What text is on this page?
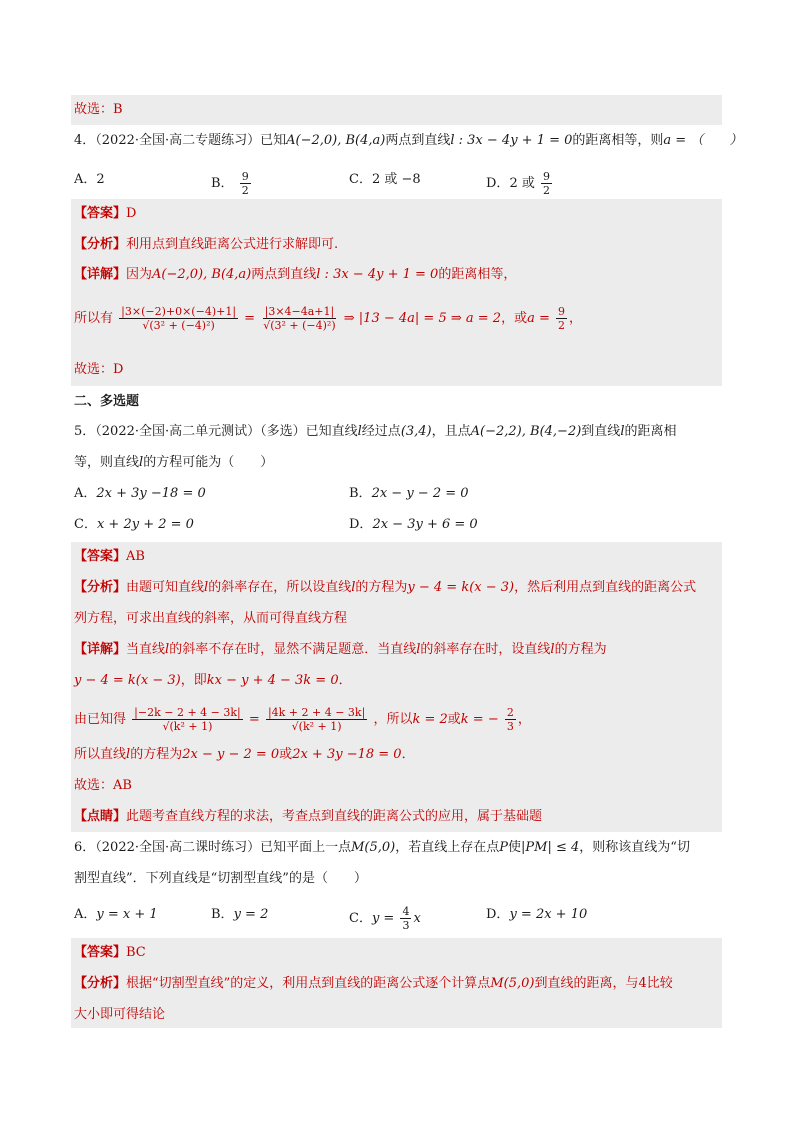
故选：B
4．（2022·全国·高二专题练习）已知A(−2,0), B(4,a)两点到直线l : 3x − 4y + 1 = 0的距离相等，则a = （　　）
A．2	B． $\frac{9}{2}$	C．2 或 −8	D．2 或 $\frac{9}{2}$
【答案】D
【分析】利用点到直线距离公式进行求解即可.
【详解】因为A(−2,0), B(4,a)两点到直线l : 3x − 4y + 1 = 0的距离相等，
所以有 $\frac{|3\times(-2)+0\times(-4)+1|}{\text{√(3² + (−4)²)}} = \frac{|3\times 4-4a+1|}{\text{√(3² + (−4)²)}}$ ⇒ |13 − 4a| = 5 ⇒ a = 2，或$a = \frac{9}{2}$ ，
故选：D
二、多选题
5．（2022·全国·高二单元测试）（多选）已知直线l经过点(3,4)，且点A(−2,2), B(4,−2)到直线l的距离相
等，则直线l的方程可能为（　　）
A．2x + 3y −18 = 0	B．2x − y − 2 = 0
C．x + 2y + 2 = 0	D．2x − 3y + 6 = 0
【答案】AB
【分析】由题可知直线l的斜率存在，所以设直线l的方程为y − 4 = k(x − 3)，然后利用点到直线的距离公式
列方程，可求出直线的斜率，从而可得直线方程
【详解】当直线l的斜率不存在时，显然不满足题意．当直线l的斜率存在时，设直线l的方程为
y − 4 = k(x − 3)，即kx − y + 4 − 3k = 0．
由已知得 $\frac{|-2k - 2 + 4 - 3k|}{\text{√(k² + 1)}} = \frac{|4k + 2 + 4 - 3k|}{\text{√(k² + 1)}}$ ，所以k = 2或k = − $\frac{2}{3}$ ，
所以直线l的方程为2x − y − 2 = 0或2x + 3y −18 = 0．
故选：AB
【点睛】此题考查直线方程的求法，考查点到直线的距离公式的应用，属于基础题
6．（2022·全国·高二课时练习）已知平面上一点M(5,0)，若直线上存在点P使|PM| ≤ 4，则称该直线为“切
割型直线”．下列直线是“切割型直线”的是（　　）
A．y = x + 1	B．y = 2	C．$y = \frac{4}{3}$ x	D．y = 2x + 10
【答案】BC
【分析】根据“切割型直线”的定义，利用点到直线的距离公式逐个计算点M(5,0)到直线的距离，与4比较
大小即可得结论
